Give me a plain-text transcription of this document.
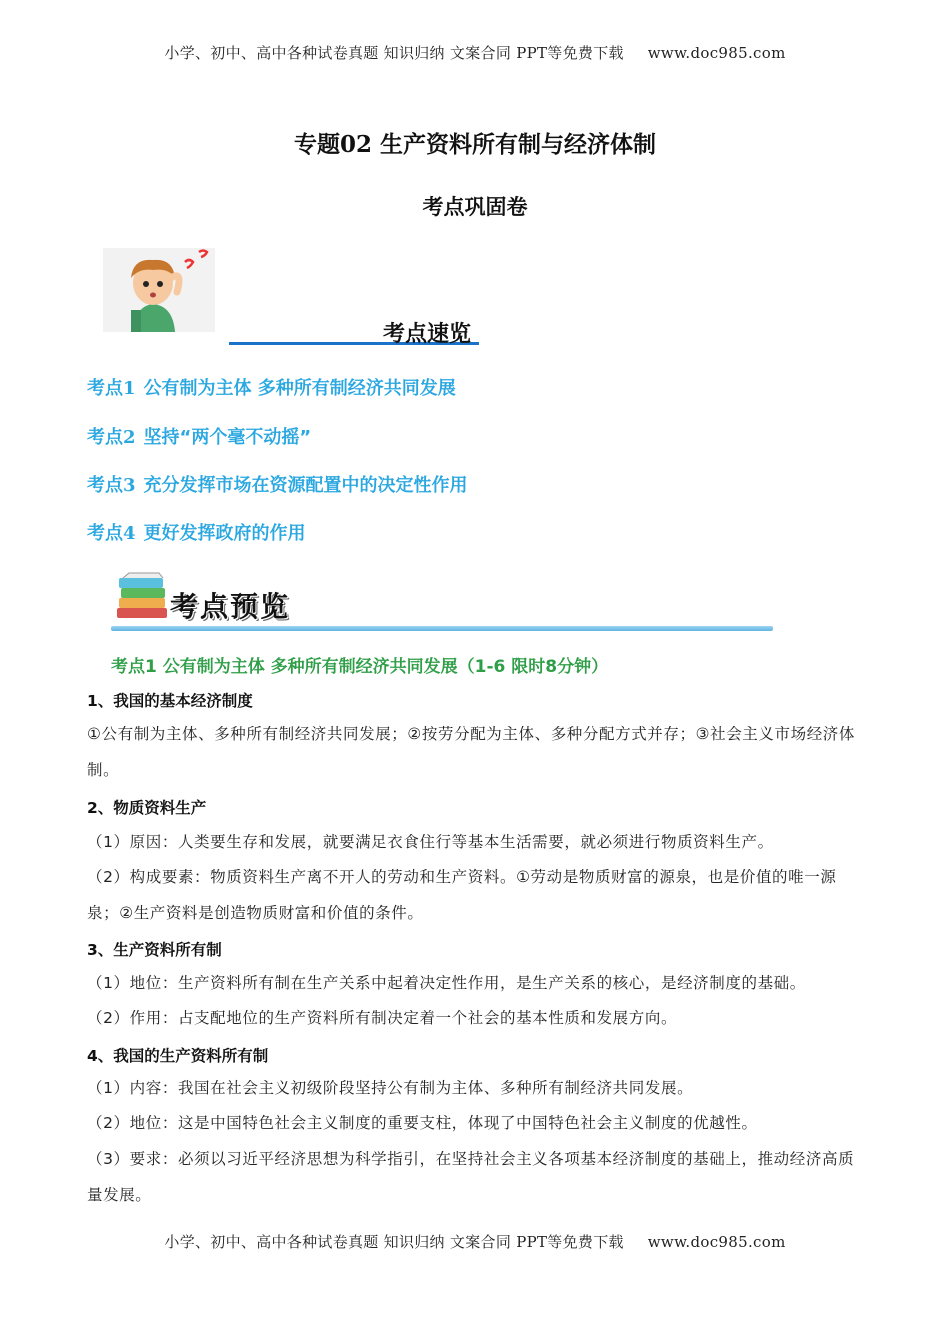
小学、初中、高中各种试卷真题 知识归纳 文案合同 PPT等免费下载 www.doc985.com
专题02 生产资料所有制与经济体制
考点巩固卷
考点速览
考点1 公有制为主体 多种所有制经济共同发展
考点2 坚持“两个毫不动摇”
考点3 充分发挥市场在资源配置中的决定性作用
考点4 更好发挥政府的作用
考点预览
考点1 公有制为主体 多种所有制经济共同发展（1-6 限时8分钟）
1、我国的基本经济制度
①公有制为主体、多种所有制经济共同发展；②按劳分配为主体、多种分配方式并存；③社会主义市场经济体制。
2、物质资料生产
（1）原因：人类要生存和发展，就要满足衣食住行等基本生活需要，就必须进行物质资料生产。
（2）构成要素：物质资料生产离不开人的劳动和生产资料。①劳动是物质财富的源泉，也是价值的唯一源泉；②生产资料是创造物质财富和价值的条件。
3、生产资料所有制
（1）地位：生产资料所有制在生产关系中起着决定性作用，是生产关系的核心，是经济制度的基础。
（2）作用：占支配地位的生产资料所有制决定着一个社会的基本性质和发展方向。
4、我国的生产资料所有制
（1）内容：我国在社会主义初级阶段坚持公有制为主体、多种所有制经济共同发展。
（2）地位：这是中国特色社会主义制度的重要支柱，体现了中国特色社会主义制度的优越性。
（3）要求：必须以习近平经济思想为科学指引，在坚持社会主义各项基本经济制度的基础上，推动经济高质量发展。
小学、初中、高中各种试卷真题 知识归纳 文案合同 PPT等免费下载 www.doc985.com
